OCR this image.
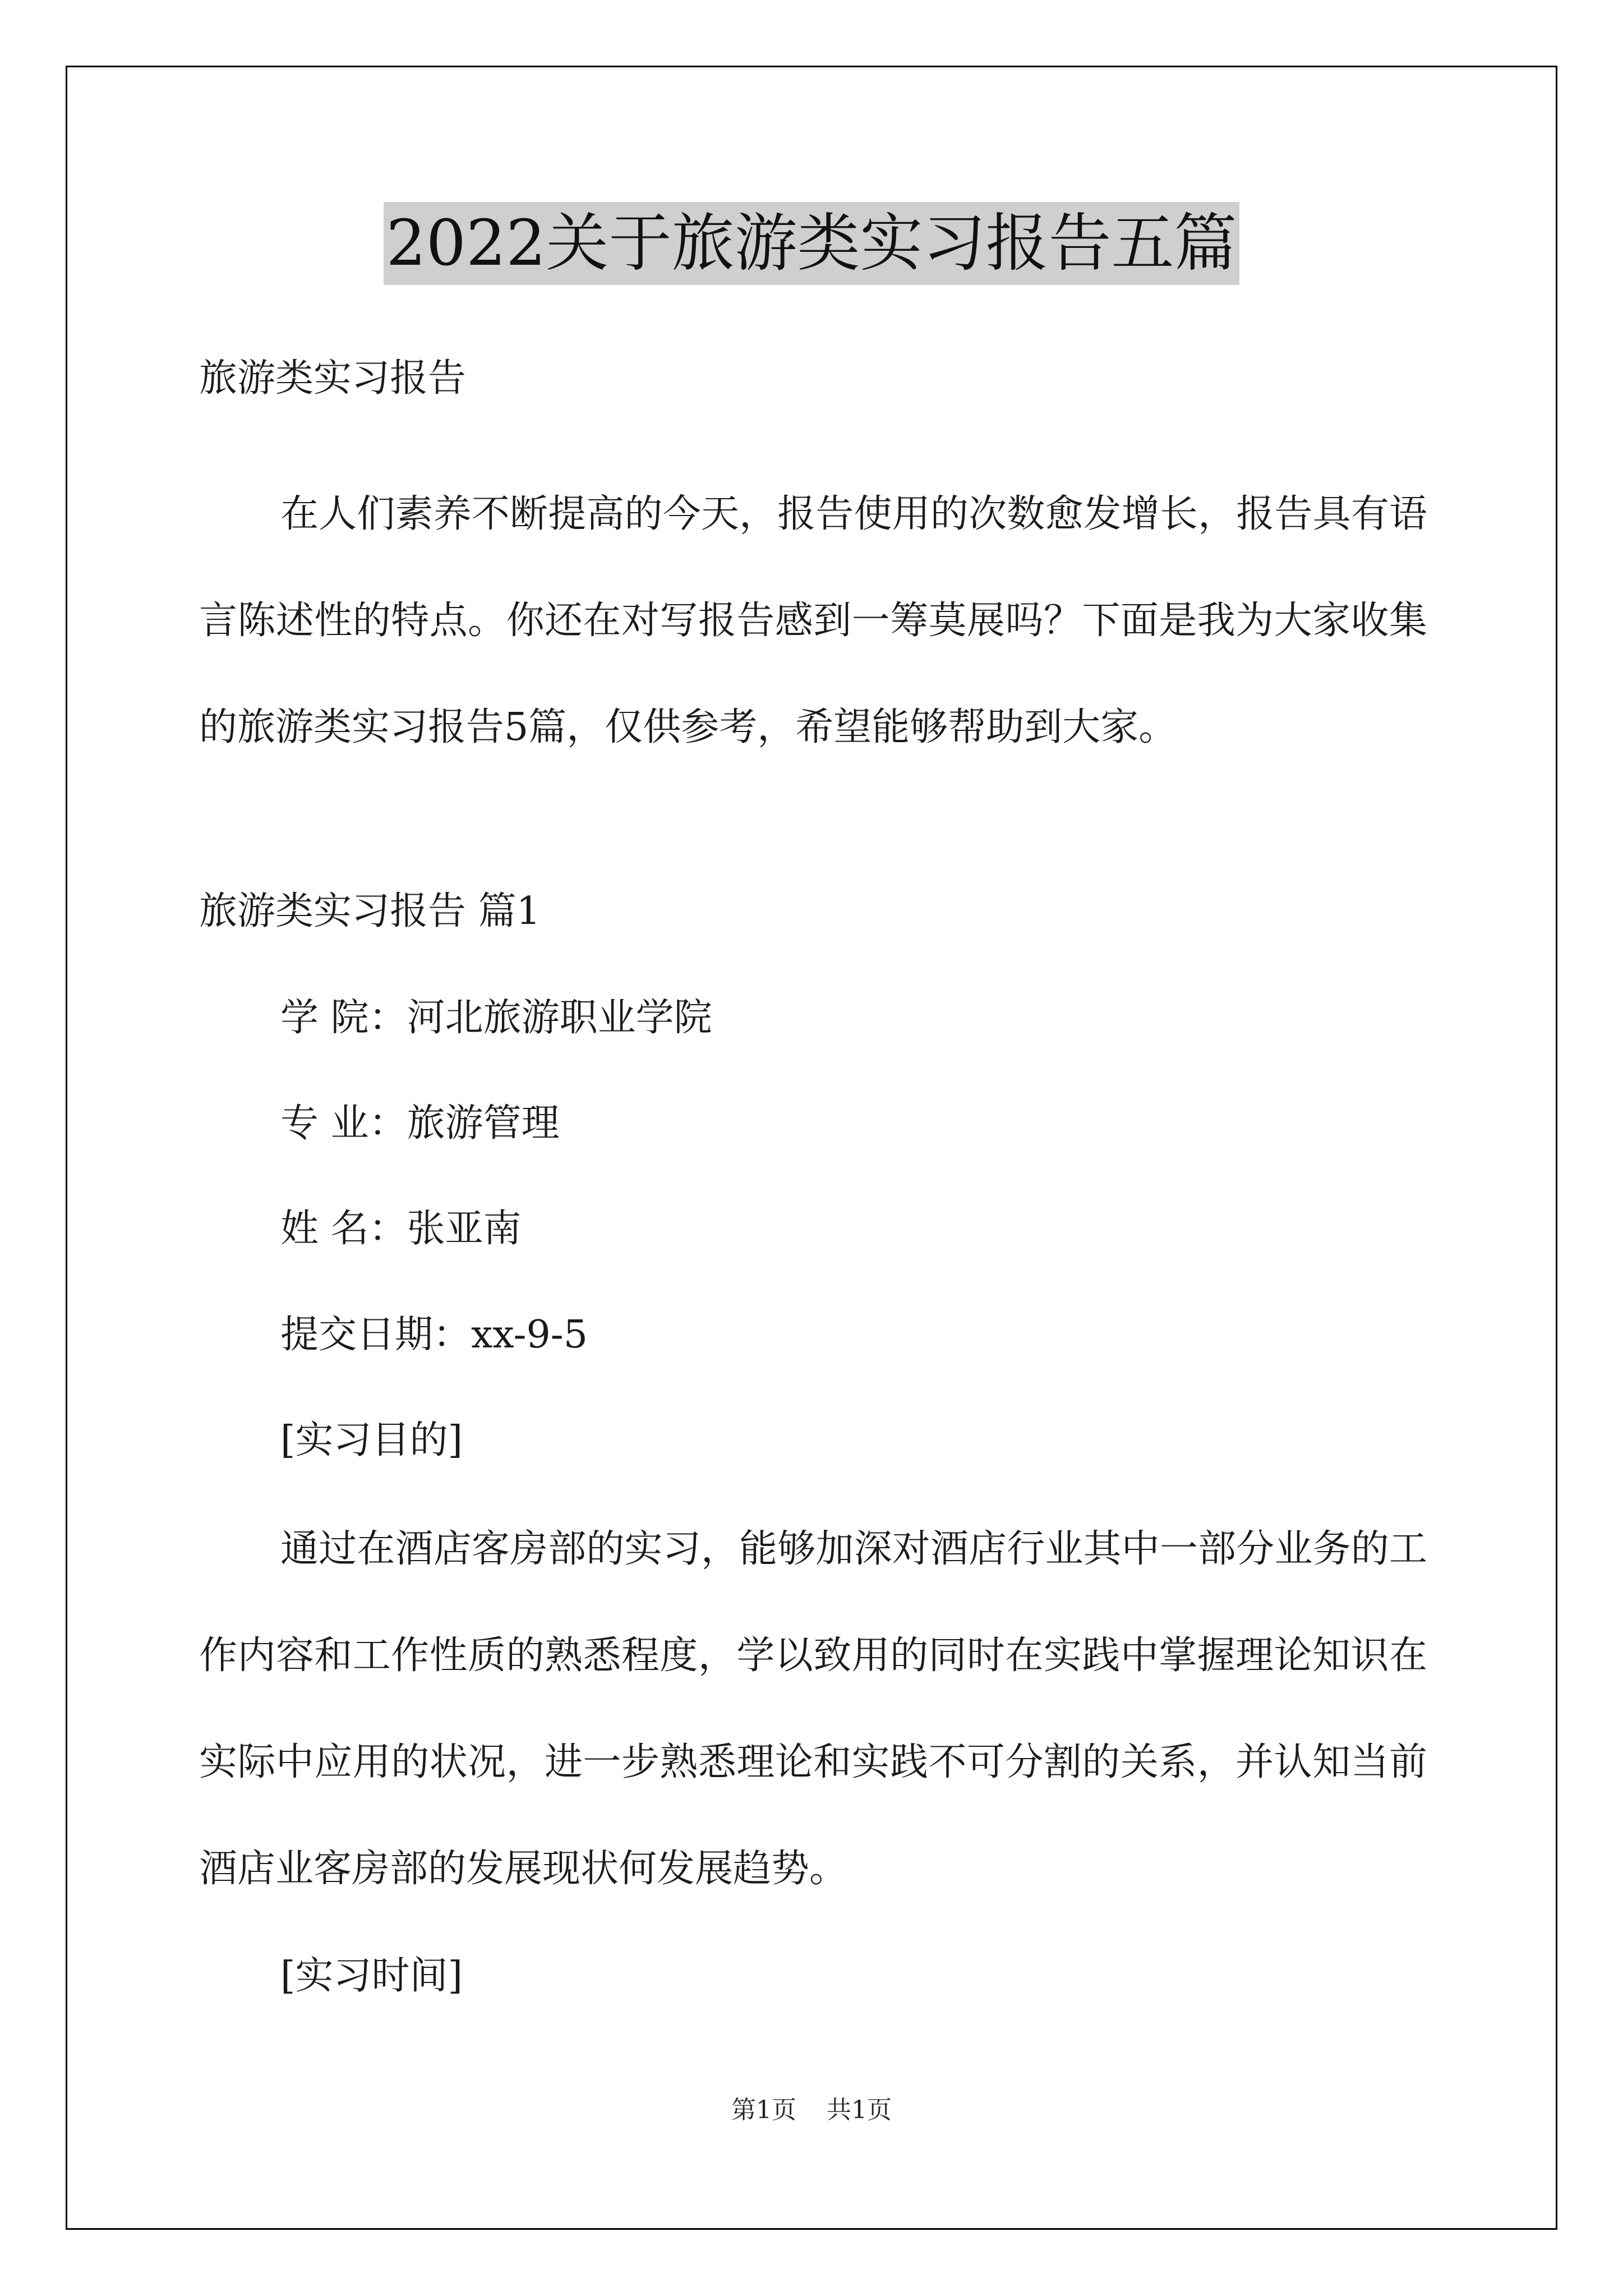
2022关于旅游类实习报告五篇
旅游类实习报告
在人们素养不断提高的今天，报告使用的次数愈发增长，报告具有语言陈述性的特点。你还在对写报告感到一筹莫展吗？下面是我为大家收集的旅游类实习报告5篇，仅供参考，希望能够帮助到大家。
旅游类实习报告 篇1
学 院：河北旅游职业学院
专 业：旅游管理
姓 名：张亚南
提交日期：xx-9-5
[实习目的]
通过在酒店客房部的实习，能够加深对酒店行业其中一部分业务的工作内容和工作性质的熟悉程度，学以致用的同时在实践中掌握理论知识在实际中应用的状况，进一步熟悉理论和实践不可分割的关系，并认知当前酒店业客房部的发展现状何发展趋势。
[实习时间]
第1页 共1页
